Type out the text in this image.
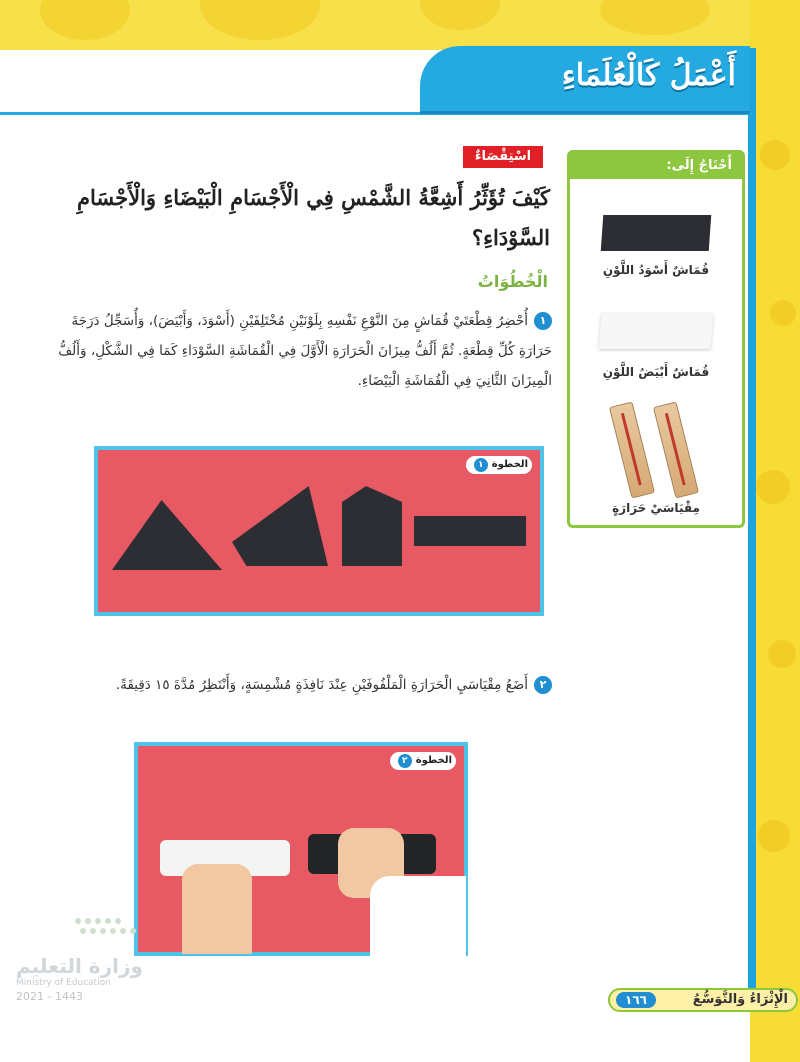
أَعْمَلُ كَالْعُلَمَاءِ
اسْتِقْصَاءٌ مَبْنِيٌّ
كَيْفَ تُؤَثِّرُ أَشِعَّةُ الشَّمْسِ فِي الْأَجْسَامِ الْبَيْضَاءِ وَالْأَجْسَامِ السَّوْدَاءِ؟
الْخُطُوَاتُ
١أُحْضِرُ قِطْعَتَيْ قُمَاشٍ مِنَ النَّوْعِ نَفْسِهِ بِلَوْنَيْنِ مُخْتَلِفَيْنِ (أَسْوَدَ، وَأَبْيَضَ)، وَأُسَجِّلُ دَرَجَةَ حَرَارَةِ كُلِّ قِطْعَةٍ. ثُمَّ أَلُفُّ مِيزَانَ الْحَرَارَةِ الْأَوَّلَ فِي الْقُمَاشَةِ السَّوْدَاءِ كَمَا فِي الشَّكْلِ، وَأَلُفُّ الْمِيزَانَ الثَّانِيَ فِي الْقُمَاشَةِ الْبَيْضَاءِ.
الخطوة١
٢أَضَعُ مِقْيَاسَيِ الْحَرَارَةِ الْمَلْفُوفَيْنِ عِنْدَ نَافِذَةٍ مُشْمِسَةٍ، وَأَنْتَظِرُ مُدَّةَ ١٥ دَقِيقَةً.
الخطوة٢
أَحْتَاجُ إِلَى:
قُمَاشٌ أَسْوَدُ اللَّوْنِ
قُمَاشٌ أَبْيَضُ اللَّوْنِ
مِقْيَاسَيْ حَرَارَةٍ
وزارة التعليم
Ministry of Education
2021 - 1443	الْإِثْرَاءُ وَالتَّوَسُّعُ
١٦٦
